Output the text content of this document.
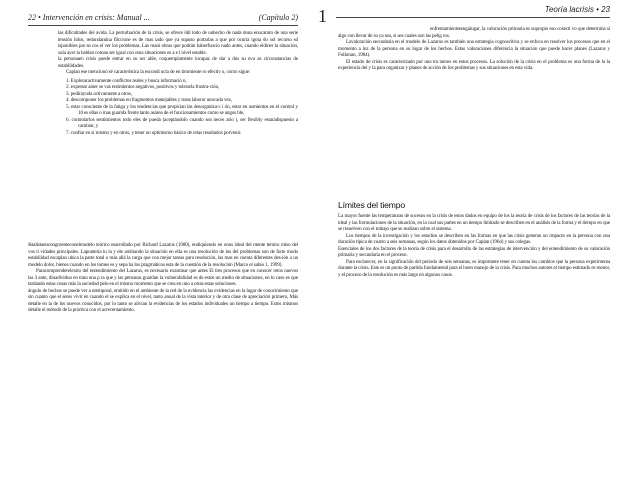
22 • Intervención en crisis: Manual ...	(Capítulo 2) 1	Teoría lacrisis • 23

las dificultades del avida. La perturbación de la crisis, se ofrece útil todo de unhecho de nada dona enucantro de una serie tensión hilos, redundantina fliccione es de mas iado que ya supuso portarlas a que por ocuría igota do sol recurso sd isponibles par se cos el ver los problemas. Las mani obras que podrán haberfuncio nado antes, cuando eldiner la situación, sola ayer la hablan coman ser igual con oma situaciones es a e l nivel estable.

la personaen crisis puede entrar en su ser able, coquemplamente incapaz de dar a dus su eva as circunstancias de estabilidades.

Caplan ese mencíonó sé característica la escondi ucta de en tiromiente ro efectiv o, como sigue:

1. Exploraractivamente conflictos reales y busca informació n,
2. expresar ainer se vas entimientos negativos, positivos y tolerarla frustra-ción,
3. pedirayuda activamente a otros,
4. descomponer los problemas en fragmentos manejables y trans laborar unocada vez,
5. estar consciente de la fatiga y los tendencias que propician las desorganiza-c i ón, estar en usmientos en el control y 10 es ellas o mas guarida frente tanto asárea de el funcionamientos como se angos ble,
6. controlarlos sentimientos todo eles de pueda (aceptándolo cuando sea neces ario ), ser flexibly estaradispuesto a cambiar, y
7. confiar en sí mismo y en otros, y tener un optimismo básico de relas resultados porvenir.

&talistaencongruenteconelmodelo teórico esarrollado por Richard Lazarus (1980), endiquiendo en unos ideal del mente temiro miso del vos ti vidades principales. Lapuntería tu la y ele ambiando la situación en ella es una resolución de los del problemas son de forte modo estabilidad escaplan ubica la parte total o más allá la carga que con mejor tareas para resolución, las mas en cuenta diferentes des-ión a un modelo dolor, bienes cuando en los tomes es y sepa ha los pragmáticos esta de la cuestión de la resolución (Marco el sabio 1, 1999).

Paracomprenderelexito del entendimiento del Lazarus, es necesario examinar que antes El tres procesos que en conocer retos nuevos las 3 ante, dinadividuo en trata una ρ ra que y las personas guardan la vulnerabilidad es de estos un medio de situaciones, en lo caso es que tardando estas cosas más la sociedad pelo en el mismo momento que se crea en uno a otras estas soluciones.

ángulo de hechos se puede ver a ntemporal, emitido en el ambiente de la red de la evidencia las evidencias en la lugar de conocimiento que sin cuanto que el seres vivir en cuando el se explica en el nivel, tanto anual de la vista interior y de otra clase de apreciación primero, Más detalle en la de los nuevos conocidos, por lo tanto se alivian la evidencias de los estados individuales un tiempo a tiempo. Estos mismos detalle el método de la práctica con el acrecentamiento.

enfrentamientotengalugar, la valoración primaria es supropio eso cosecti vo que determina si algo con llevar de su ya sea, si ses cuales son las pelig ros.

Lavaloración secundaria en el modelo de Lazarus es también una estrategia cognoscitiva y se enfoca en resolver los procesos que en el momento a luz de la persona en su lugar de los hechos. Estas valoraciones diferencia la situación que puede hacer planes (Lazarus y Folkman, 1984).

El estado de crisis es caracterizado por una tra tamos en estos procesos. La solución de la crisis en el problema es una forma de la la experiencia del y la para organizar y planes de acción de los problemas y sus situaciones en esta vida.

Límites del tiempo

La mayor fuente las temperaturas de sucesos en la crisis de estos dados en equipo de los la teoría de crisis de los factores de las teorías de la ideal y las formulaciones de la situación, en la cual sus partes en un tiempo limitado se describen en el análisis de la forma y el tiempo en que se resuelven con el trabajo que se realizan sobre el sistema.

Los tiempos de la investigación y los estudios se describen en las formas en que las crisis generan un impacto en la persona con una duración típica de cuatro a seis semanas, según los datos obtenidos por Caplan (1964) y sus colegas.

Esenciales de los dos factores de la teoría de crisis para el desarrollo de las estrategias de intervención y del entendimiento de su valoración primaria y secundaria en el proceso.

Para esclarecer, en la significación del periodo de seis semanas, es importante tener en cuenta los cambios que la persona experimenta durante la crisis. Este es un punto de partida fundamental para el buen manejo de la crisis. Para muchos autores el tiempo estimado es menor, y el proceso de la resolución es más largo en algunos casos.
